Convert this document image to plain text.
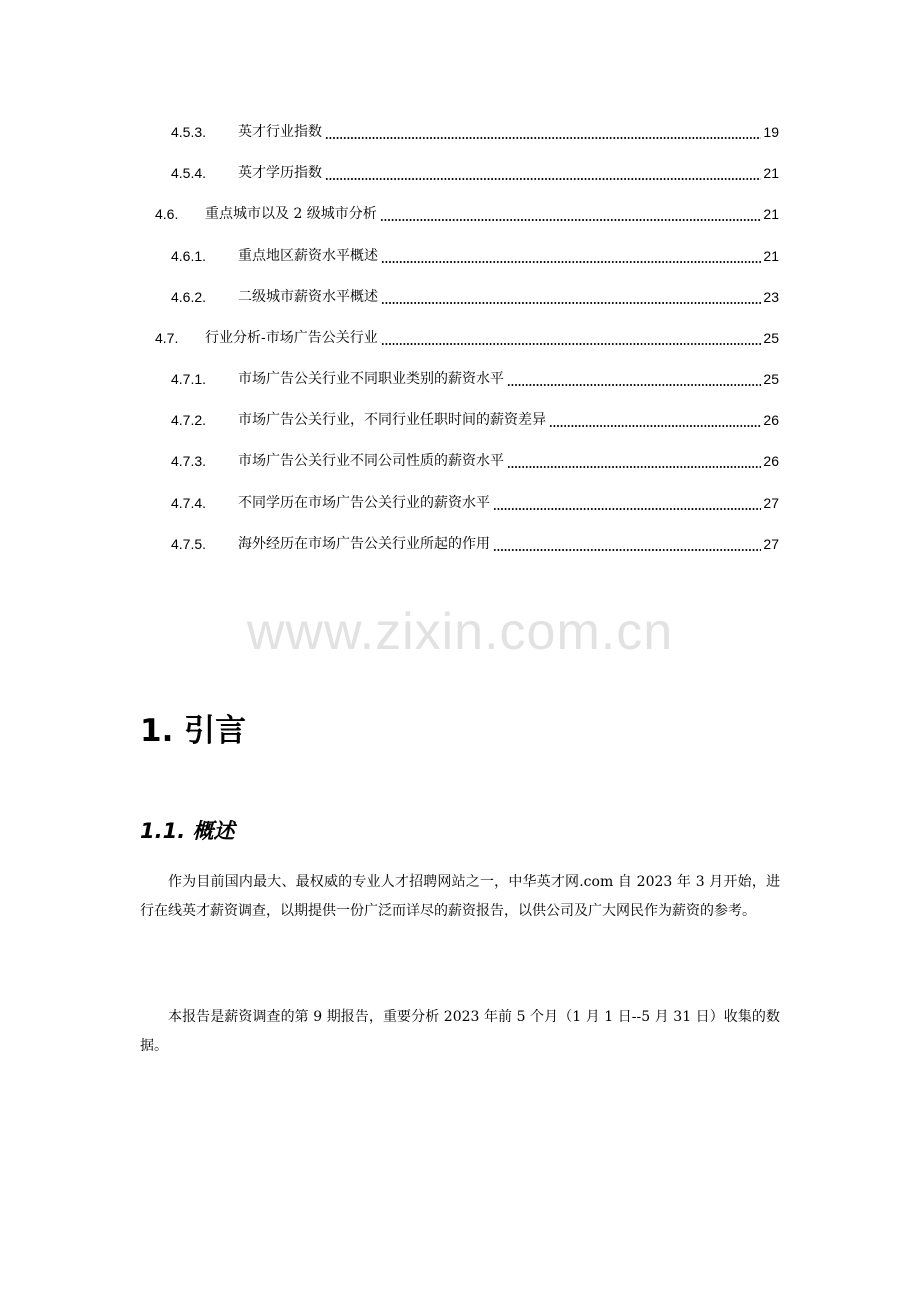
4.5.3. 英才行业指数	19
4.5.4. 英才学历指数	21
4.6. 重点城市以及 2 级城市分析	21
4.6.1. 重点地区薪资水平概述	21
4.6.2. 二级城市薪资水平概述	23
4.7. 行业分析-市场广告公关行业	25
4.7.1. 市场广告公关行业不同职业类别的薪资水平	25
4.7.2. 市场广告公关行业，不同行业任职时间的薪资差异	26
4.7.3. 市场广告公关行业不同公司性质的薪资水平	26
4.7.4. 不同学历在市场广告公关行业的薪资水平	27
4.7.5. 海外经历在市场广告公关行业所起的作用	27
www.zixin.com.cn
1. 引言
1.1. 概述

作为目前国内最大、最权威的专业人才招聘网站之一，中华英才网.com 自 2023 年 3 月开始，进行在线英才薪资调查，以期提供一份广泛而详尽的薪资报告，以供公司及广大网民作为薪资的参考。

本报告是薪资调查的第 9 期报告，重要分析 2023 年前 5 个月（1 月 1 日--5 月 31 日）收集的数据。
